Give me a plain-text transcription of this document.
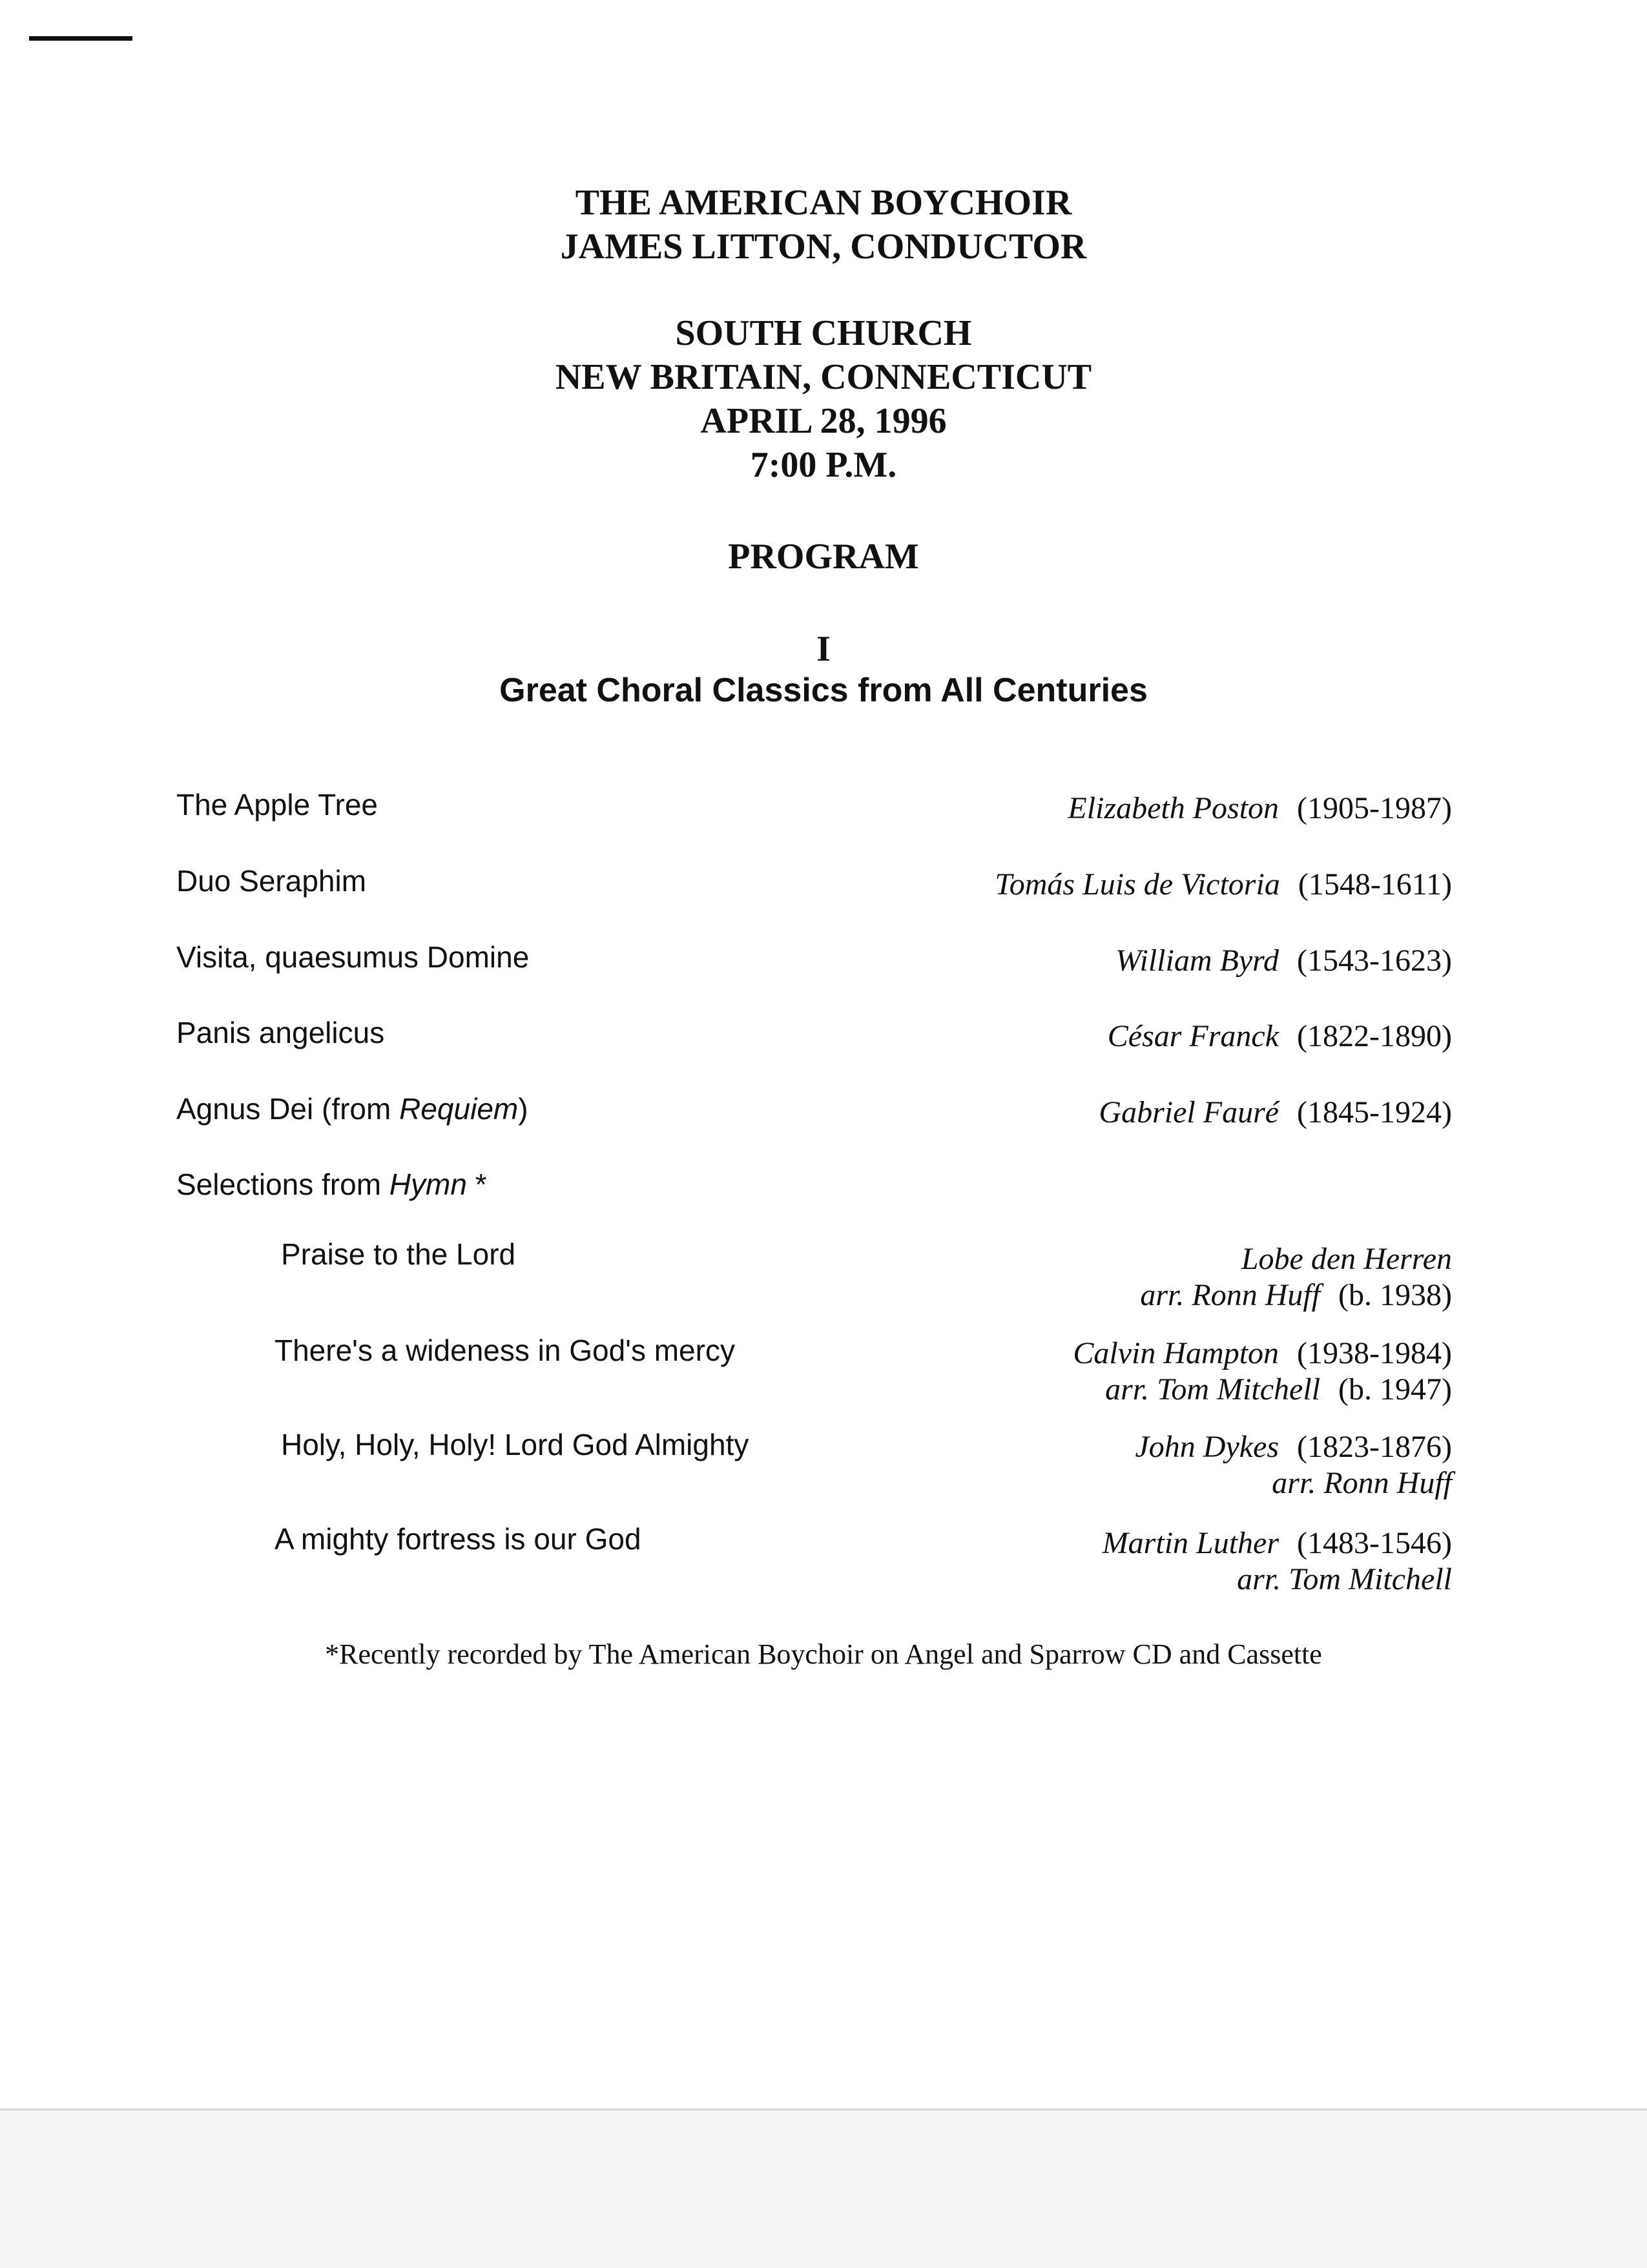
THE AMERICAN BOYCHOIR
JAMES LITTON, CONDUCTOR
SOUTH CHURCH
NEW BRITAIN, CONNECTICUT
APRIL 28, 1996
7:00 P.M.
PROGRAM
I
Great Choral Classics from All Centuries
The Apple Tree	Elizabeth Poston (1905-1987)
Duo Seraphim	Tomás Luis de Victoria (1548-1611)
Visita, quaesumus Domine	William Byrd (1543-1623)
Panis angelicus	César Franck (1822-1890)
Agnus Dei (from Requiem)	Gabriel Fauré (1845-1924)
Selections from Hymn *
Praise to the Lord	Lobe den Herren
arr. Ronn Huff (b. 1938)
There's a wideness in God's mercy	Calvin Hampton (1938-1984)
arr. Tom Mitchell (b. 1947)
Holy, Holy, Holy! Lord God Almighty	John Dykes (1823-1876)
arr. Ronn Huff
A mighty fortress is our God	Martin Luther (1483-1546)
arr. Tom Mitchell
*Recently recorded by The American Boychoir on Angel and Sparrow CD and Cassette
